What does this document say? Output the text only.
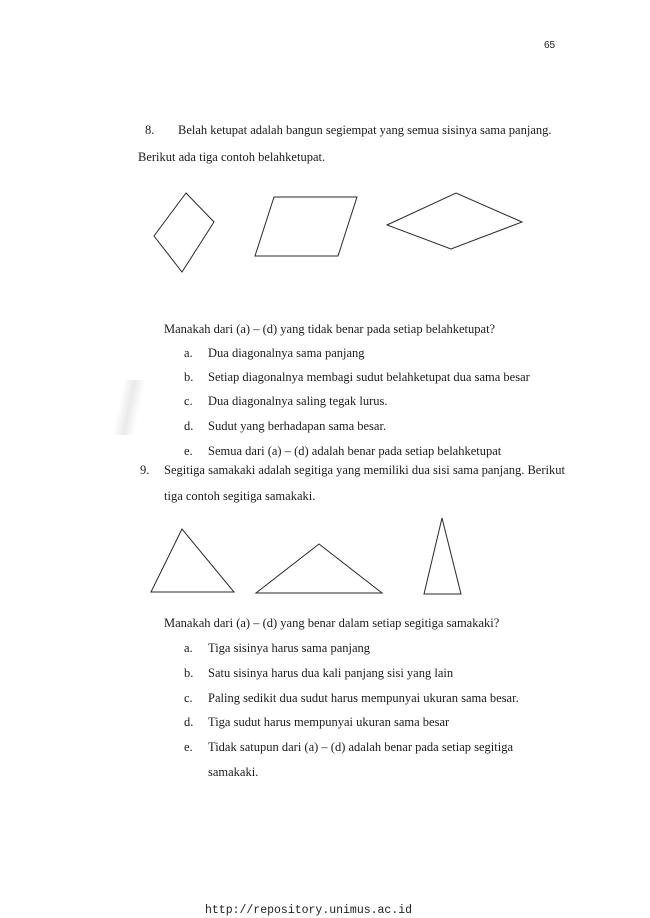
65
8. Belah ketupat adalah bangun segiempat yang semua sisinya sama panjang.
Berikut ada tiga contoh belahketupat.
Manakah dari (a) – (d) yang tidak benar pada setiap belahketupat?
a. Dua diagonalnya sama panjang
b. Setiap diagonalnya membagi sudut belahketupat dua sama besar
c. Dua diagonalnya saling tegak lurus.
d. Sudut yang berhadapan sama besar.
e. Semua dari (a) – (d) adalah benar pada setiap belahketupat
9. Segitiga samakaki adalah segitiga yang memiliki dua sisi sama panjang. Berikut
tiga contoh segitiga samakaki.
Manakah dari (a) – (d) yang benar dalam setiap segitiga samakaki?
a. Tiga sisinya harus sama panjang
b. Satu sisinya harus dua kali panjang sisi yang lain
c. Paling sedikit dua sudut harus mempunyai ukuran sama besar.
d. Tiga sudut harus mempunyai ukuran sama besar
e. Tidak satupun dari (a) – (d) adalah benar pada setiap segitiga
samakaki.
http://repository.unimus.ac.id
